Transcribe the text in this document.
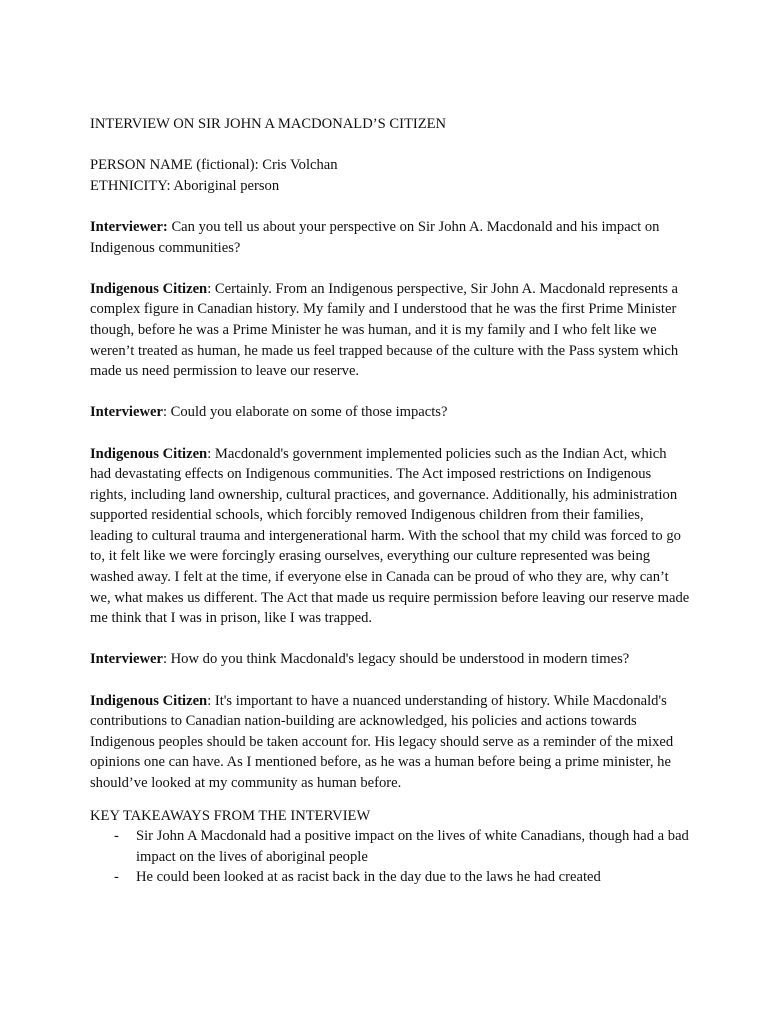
INTERVIEW ON SIR JOHN A MACDONALD’S CITIZEN

PERSON NAME (fictional): Cris Volchan

ETHNICITY: Aboriginal person

Interviewer: Can you tell us about your perspective on Sir John A. Macdonald and his impact on Indigenous communities?

Indigenous Citizen: Certainly. From an Indigenous perspective, Sir John A. Macdonald represents a complex figure in Canadian history. My family and I understood that he was the first Prime Minister though, before he was a Prime Minister he was human, and it is my family and I who felt like we weren’t treated as human, he made us feel trapped because of the culture with the Pass system which made us need permission to leave our reserve.

Interviewer: Could you elaborate on some of those impacts?

Indigenous Citizen: Macdonald's government implemented policies such as the Indian Act, which had devastating effects on Indigenous communities. The Act imposed restrictions on Indigenous rights, including land ownership, cultural practices, and governance. Additionally, his administration supported residential schools, which forcibly removed Indigenous children from their families, leading to cultural trauma and intergenerational harm. With the school that my child was forced to go to, it felt like we were forcingly erasing ourselves, everything our culture represented was being washed away. I felt at the time, if everyone else in Canada can be proud of who they are, why can’t we, what makes us different. The Act that made us require permission before leaving our reserve made me think that I was in prison, like I was trapped.

Interviewer: How do you think Macdonald's legacy should be understood in modern times?

Indigenous Citizen: It's important to have a nuanced understanding of history. While Macdonald's contributions to Canadian nation-building are acknowledged, his policies and actions towards Indigenous peoples should be taken account for. His legacy should serve as a reminder of the mixed opinions one can have. As I mentioned before, as he was a human before being a prime minister, he should’ve looked at my community as human before.

KEY TAKEAWAYS FROM THE INTERVIEW

- Sir John A Macdonald had a positive impact on the lives of white Canadians, though had a bad impact on the lives of aboriginal people
- He could been looked at as racist back in the day due to the laws he had created
